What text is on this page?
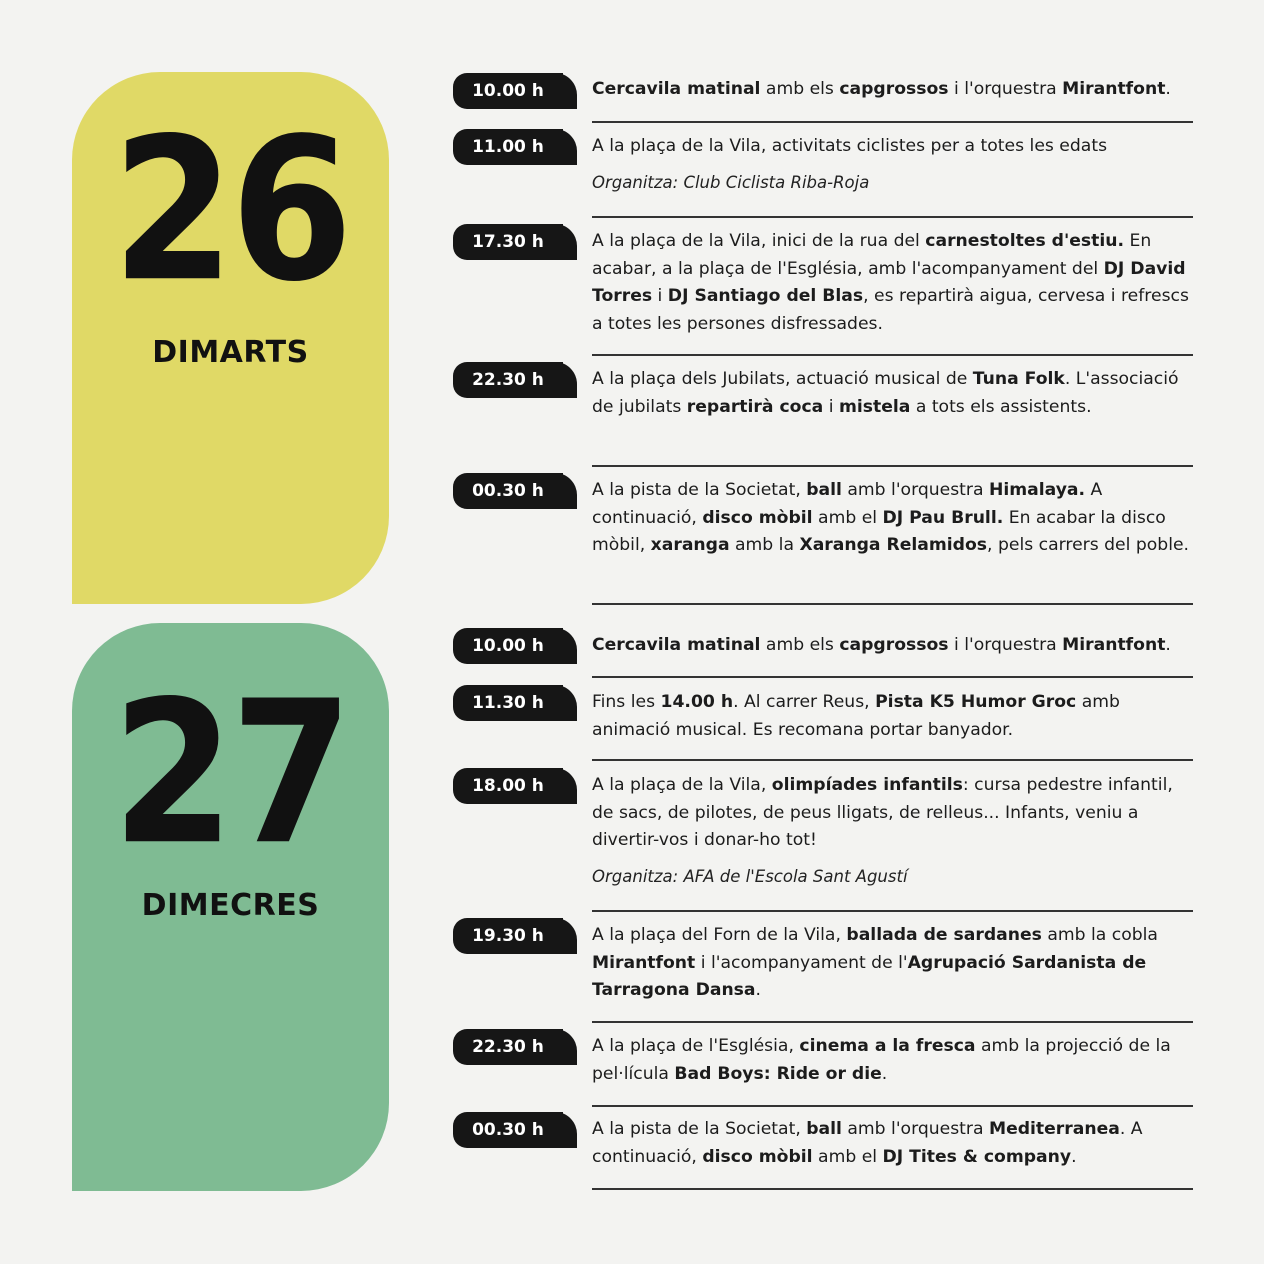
26
DIMARTS
27
DIMECRES
10.00 h	Cercavila matinal amb els capgrossos i l'orquestra Mirantfont.
11.00 h	A la plaça de la Vila, activitats ciclistes per a totes les edats
Organitza: Club Ciclista Riba-Roja
17.30 h	A la plaça de la Vila, inici de la rua del carnestoltes d'estiu. En acabar, a la plaça de l'Església, amb l'acompanyament del DJ David Torres i DJ Santiago del Blas, es repartirà aigua, cervesa i refrescs a totes les persones disfressades.
22.30 h	A la plaça dels Jubilats, actuació musical de Tuna Folk. L'associació de jubilats repartirà coca i mistela a tots els assistents.
00.30 h	A la pista de la Societat, ball amb l'orquestra Himalaya. A continuació, disco mòbil amb el DJ Pau Brull. En acabar la disco mòbil, xaranga amb la Xaranga Relamidos, pels carrers del poble.
10.00 h	Cercavila matinal amb els capgrossos i l'orquestra Mirantfont.
11.30 h	Fins les 14.00 h. Al carrer Reus, Pista K5 Humor Groc amb animació musical. Es recomana portar banyador.
18.00 h	A la plaça de la Vila, olimpíades infantils: cursa pedestre infantil, de sacs, de pilotes, de peus lligats, de relleus... Infants, veniu a divertir-vos i donar-ho tot!
Organitza: AFA de l'Escola Sant Agustí
19.30 h	A la plaça del Forn de la Vila, ballada de sardanes amb la cobla Mirantfont i l'acompanyament de l'Agrupació Sardanista de Tarragona Dansa.
22.30 h	A la plaça de l'Església, cinema a la fresca amb la projecció de la pel·lícula Bad Boys: Ride or die.
00.30 h	A la pista de la Societat, ball amb l'orquestra Mediterranea. A continuació, disco mòbil amb el DJ Tites & company.
